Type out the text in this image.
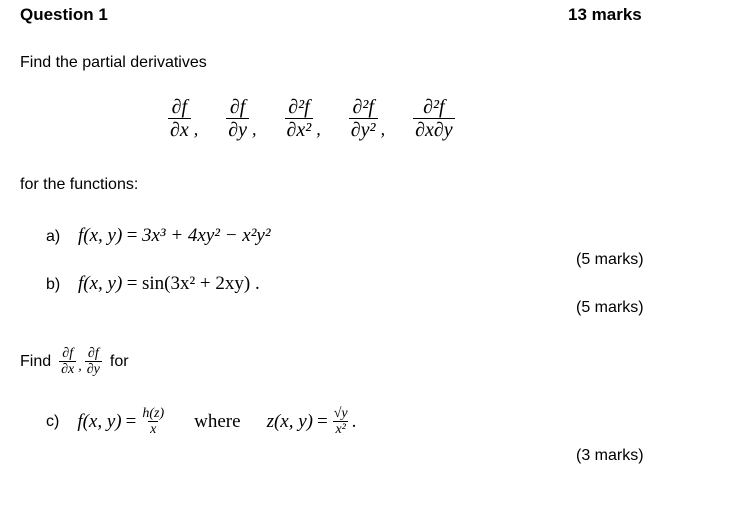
Question 1	13 marks
Find the partial derivatives
$\frac{\partial f}{\partial x}$ , $\frac{\partial f}{\partial y}$ , $\frac{\text{∂²f}}{\text{∂x²}}$ , $\frac{\text{∂²f}}{\text{∂y²}}$ , $\frac{\text{∂²f}}{\partial x\partial y}$
for the functions:
a) f(x, y) = 3x³ + 4xy² − x²y²
(5 marks)
b) f(x, y) = sin(3x² + 2xy) .
(5 marks)
Find $\frac{\partial f}{\partial x}$ , $\frac{\partial f}{\partial y}$ for
c) f(x, $y) = \frac{h(z)}{x}$ where z(x, $y) = \frac{√y}{\text{x²}}$ .
(3 marks)
